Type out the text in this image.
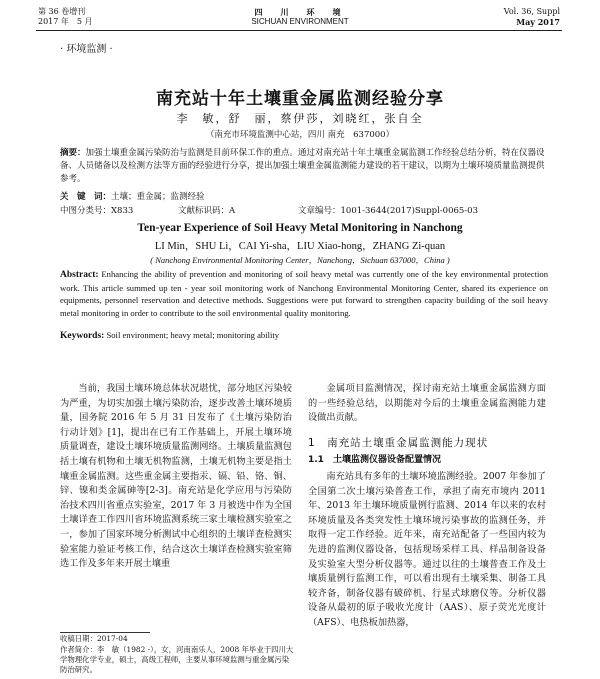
第 36 卷增刊
2017 年　5 月
四　川　环　境
SICHUAN ENVIRONMENT
Vol. 36, Suppl
May 2017
· 环境监测 ·
南充站十年土壤重金属监测经验分享
李　敏，舒　丽，蔡伊莎，刘晓红，张自全
（南充市环境监测中心站，四川 南充　637000）
摘要：加强土壤重金属污染防治与监测是目前环保工作的重点。通过对南充站十年土壤重金属监测工作经验总结分析，特在仪器设备、人员储备以及检测方法等方面的经验进行分享，提出加强土壤重金属监测能力建设的若干建议，以期为土壤环境质量监测提供参考。
关　键　词：土壤；重金属；监测经验
中图分类号：X833	文献标识码：A	文章编号：1001-3644(2017)Suppl-0065-03
Ten-year Experience of Soil Heavy Metal Monitoring in Nanchong
LI Min，SHU Li，CAI Yi-sha，LIU Xiao-hong，ZHANG Zi-quan
( Nanchong Environmental Monitoring Center，Nanchong，Sichuan 637000，China )
Abstract: Enhancing the ability of prevention and monitoring of soil heavy metal was currently one of the key environmental protection work. This article summed up ten - year soil monitoring work of Nanchong Environmental Monitoring Center, shared its experience on equipments, personnel reservation and detective methods. Suggestions were put forward to strengthen capacity building of the soil heavy metal monitoring in order to contribute to the soil environmental quality monitoring.
Keywords: Soil environment; heavy metal; monitoring ability

当前，我国土壤环境总体状况堪忧，部分地区污染较为严重，为切实加强土壤污染防治，逐步改善土壤环境质量，国务院 2016 年 5 月 31 日发布了《土壤污染防治行动计划》[1]，提出在已有工作基础上，开展土壤环境质量调查，建设土壤环境质量监测网络。土壤质量监测包括土壤有机物和土壤无机物监测，土壤无机物主要是指土壤重金属监测。这些重金属主要指汞、镉、铅、铬、铜、锌、镍和类金属砷等[2-3]。南充站是化学应用与污染防治技术四川省重点实验室，2017 年 3 月被选中作为全国土壤详查工作四川省环境监测系统三家土壤检测实验室之一，参加了国家环境分析测试中心组织的土壤详查检测实验室能力验证考核工作，结合这次土壤详查检测实验室筛选工作及多年来开展土壤重

金属项目监测情况，探讨南充站土壤重金属监测方面的一些经验总结，以期能对今后的土壤重金属监测能力建设做出贡献。

1　南充站土壤重金属监测能力现状
1.1　土壤监测仪器设备配置情况

南充站具有多年的土壤环境监测经验。2007 年参加了全国第二次土壤污染普查工作，承担了南充市境内 2011 年、2013 年土壤环境质量例行监测、2014 年以来的农村环境质量及各类突发性土壤环境污染事故的监测任务，并取得一定工作经验。近年来，南充站配备了一些国内较为先进的监测仪器设备，包括现场采样工具、样品制备设备及实验室大型分析仪器等。通过以往的土壤普查工作及土壤质量例行监测工作，可以看出现有土壤采集、制备工具较齐备，制备仪器有破碎机、行星式球磨仪等。分析仪器设备从最初的原子吸收光度计（AAS）、原子荧光光度计（AFS）、电热板加热器，

收稿日期：2017-04
作者简介：李　敏（1982 -），女，河南南乐人，2008 年毕业于四川大学物理化学专业，硕士，高级工程师，主要从事环境监测与重金属污染防治研究。
